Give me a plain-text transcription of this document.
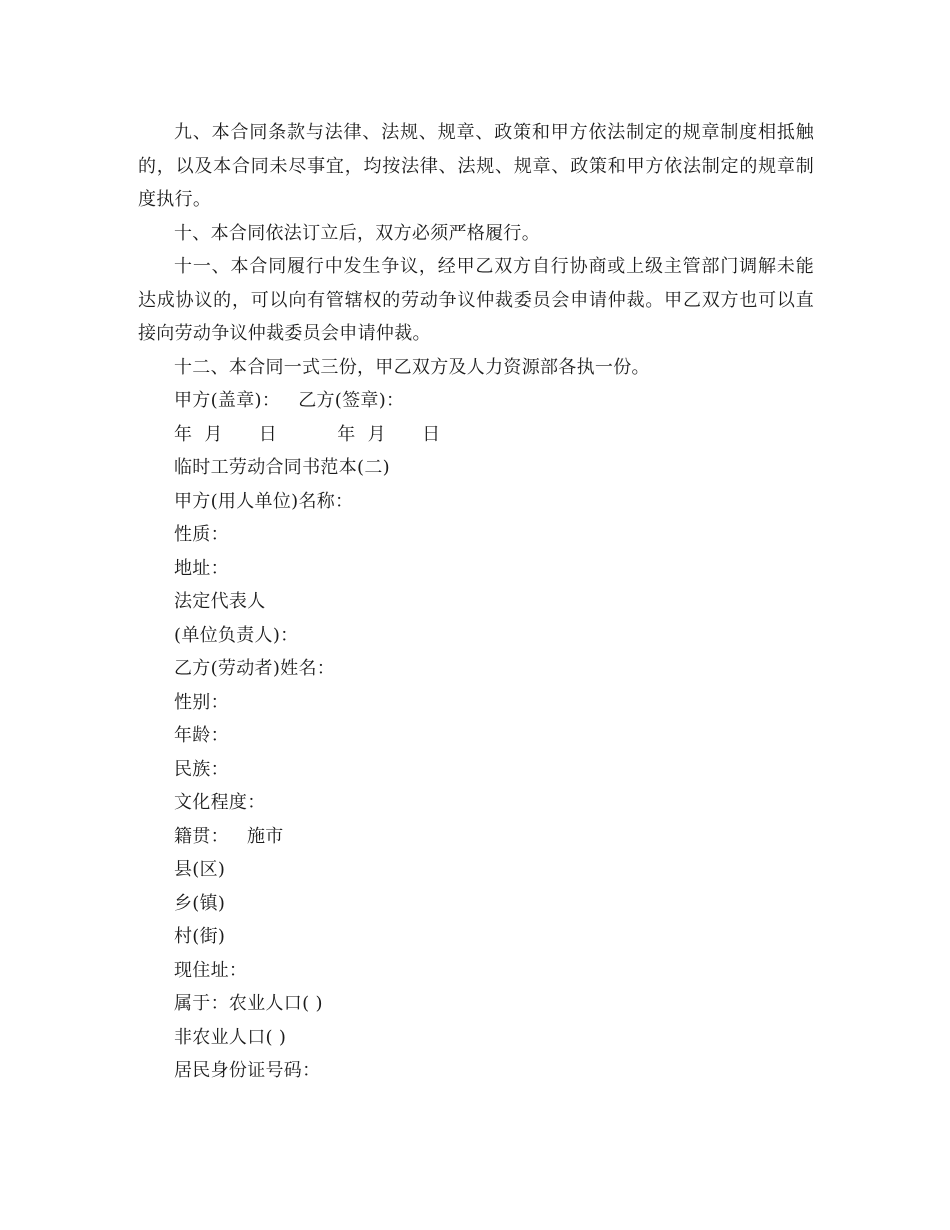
九、本合同条款与法律、法规、规章、政策和甲方依法制定的规章制度相抵触的，以及本合同未尽事宜，均按法律、法规、规章、政策和甲方依法制定的规章制度执行。

十、本合同依法订立后，双方必须严格履行。

十一、本合同履行中发生争议，经甲乙双方自行协商或上级主管部门调解未能达成协议的，可以向有管辖权的劳动争议仲裁委员会申请仲裁。甲乙双方也可以直接向劳动争议仲裁委员会申请仲裁。

十二、本合同一式三份，甲乙双方及人力资源部各执一份。

甲方(盖章)：   乙方(签章)：

年  月      日          年  月      日

临时工劳动合同书范本(二)

甲方(用人单位)名称：

性质：

地址：

法定代表人

(单位负责人)：

乙方(劳动者)姓名：

性别：

年龄：

民族：

文化程度：

籍贯：   施市

县(区)

乡(镇)

村(街)

现住址：

属于：农业人口( )

非农业人口( )

居民身份证号码：
